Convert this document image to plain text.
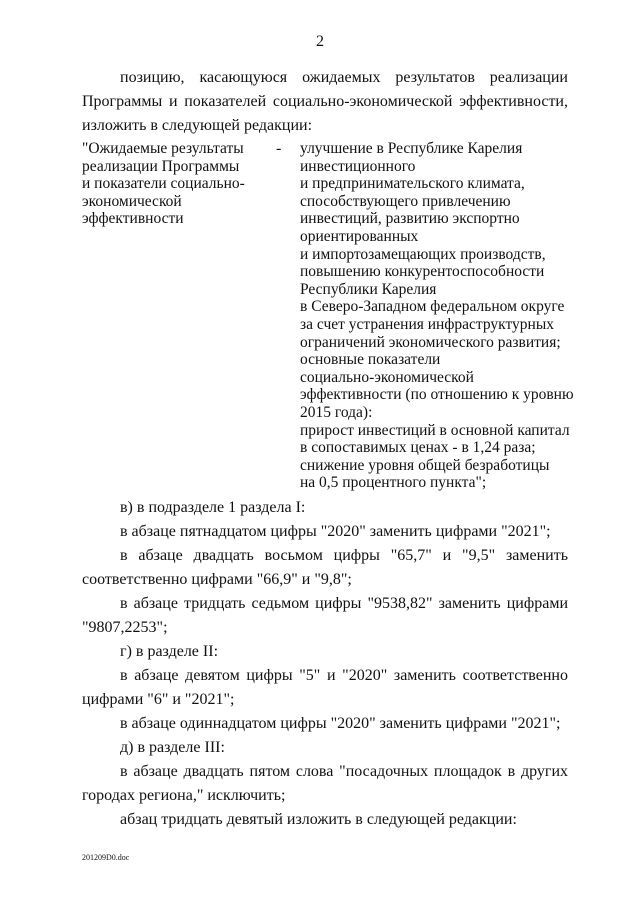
2
позицию, касающуюся ожидаемых результатов реализации
Программы и показателей социально-экономической эффективности,
изложить в следующей редакции:
"Ожидаемые результаты
реализации Программы
и показатели социально-
экономической
эффективности
- улучшение в Республике Карелия
инвестиционного
и предпринимательского климата,
способствующего привлечению
инвестиций, развитию экспортно
ориентированных
и импортозамещающих производств,
повышению конкурентоспособности
Республики Карелия
в Северо-Западном федеральном округе
за счет устранения инфраструктурных
ограничений экономического развития;
основные показатели
социально-экономической
эффективности (по отношению к уровню
2015 года):
прирост инвестиций в основной капитал
в сопоставимых ценах - в 1,24 раза;
снижение уровня общей безработицы
на 0,5 процентного пункта";
в) в подразделе 1 раздела I:
в абзаце пятнадцатом цифры "2020" заменить цифрами "2021";
в абзаце двадцать восьмом цифры "65,7" и "9,5" заменить
соответственно цифрами "66,9" и "9,8";
в абзаце тридцать седьмом цифры "9538,82" заменить цифрами
"9807,2253";
г) в разделе II:
в абзаце девятом цифры "5" и "2020" заменить соответственно
цифрами "6" и "2021";
в абзаце одиннадцатом цифры "2020" заменить цифрами "2021";
д) в разделе III:
в абзаце двадцать пятом слова "посадочных площадок в других
городах региона," исключить;
абзац тридцать девятый изложить в следующей редакции:
201209D0.doc
